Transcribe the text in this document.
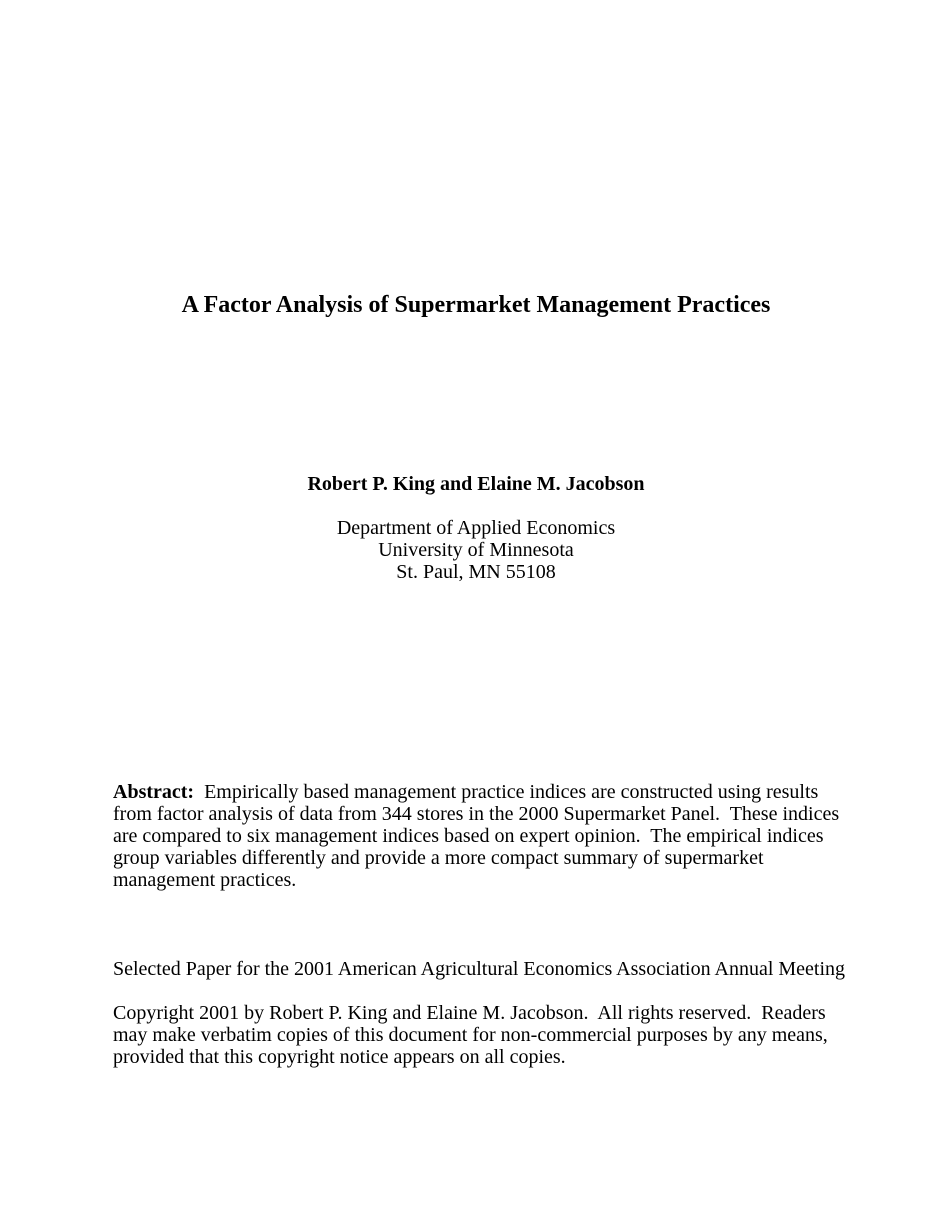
A Factor Analysis of Supermarket Management Practices

Robert P. King and Elaine M. Jacobson

Department of Applied Economics
University of Minnesota
St. Paul, MN 55108

Abstract:  Empirically based management practice indices are constructed using results from factor analysis of data from 344 stores in the 2000 Supermarket Panel.  These indices are compared to six management indices based on expert opinion.  The empirical indices group variables differently and provide a more compact summary of supermarket management practices.

Selected Paper for the 2001 American Agricultural Economics Association Annual Meeting

Copyright 2001 by Robert P. King and Elaine M. Jacobson.  All rights reserved.  Readers may make verbatim copies of this document for non-commercial purposes by any means, provided that this copyright notice appears on all copies.
